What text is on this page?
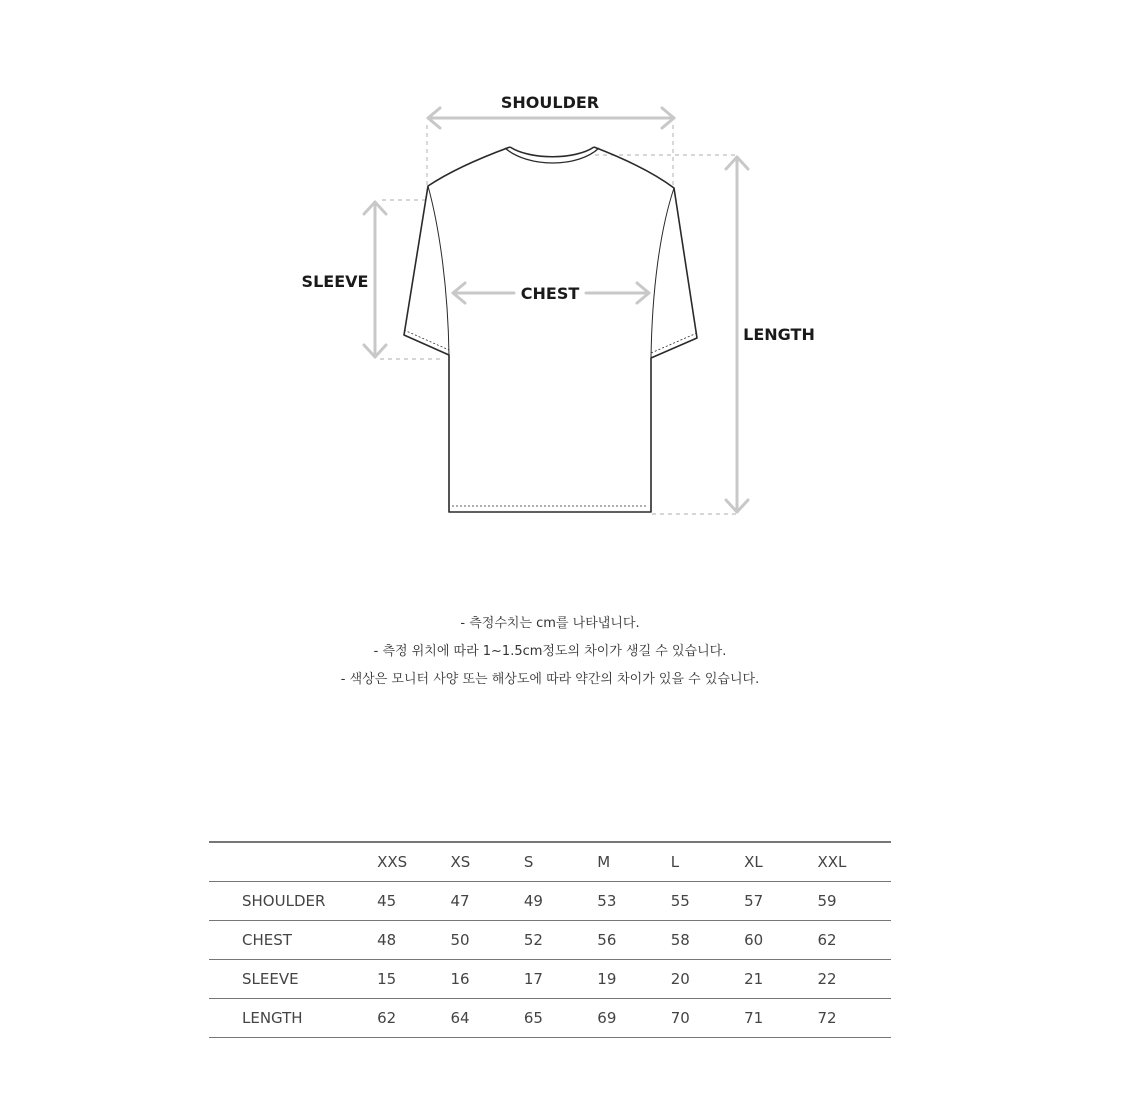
SHOULDER
SLEEVE
CHEST
LENGTH
- 측정수치는 cm를 나타냅니다.
- 측정 위치에 따라 1~1.5cm정도의 차이가 생길 수 있습니다.
- 색상은 모니터 사양 또는 해상도에 따라 약간의 차이가 있을 수 있습니다.
	XXS	XS	S	M	L	XL	XXL
SHOULDER	45	47	49	53	55	57	59
CHEST	48	50	52	56	58	60	62
SLEEVE	15	16	17	19	20	21	22
LENGTH	62	64	65	69	70	71	72
